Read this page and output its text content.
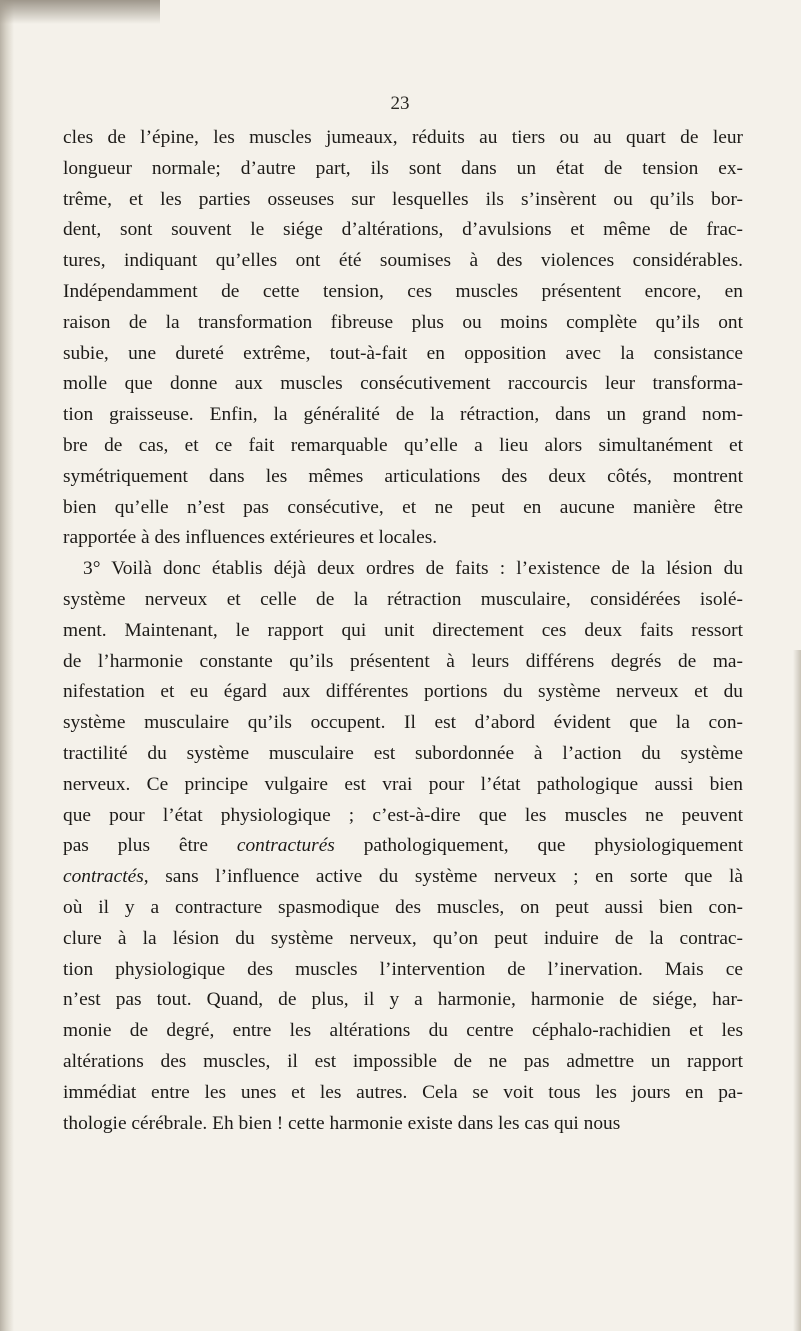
23
cles de l’épine, les muscles jumeaux, réduits au tiers ou au quart de leur
longueur normale; d’autre part, ils sont dans un état de tension ex-
trême, et les parties osseuses sur lesquelles ils s’insèrent ou qu’ils bor-
dent, sont souvent le siége d’altérations, d’avulsions et même de frac-
tures, indiquant qu’elles ont été soumises à des violences considérables.
Indépendamment de cette tension, ces muscles présentent encore, en
raison de la transformation fibreuse plus ou moins complète qu’ils ont
subie, une dureté extrême, tout-à-fait en opposition avec la consistance
molle que donne aux muscles consécutivement raccourcis leur transforma-
tion graisseuse. Enfin, la généralité de la rétraction, dans un grand nom-
bre de cas, et ce fait remarquable qu’elle a lieu alors simultanément et
symétriquement dans les mêmes articulations des deux côtés, montrent
bien qu’elle n’est pas consécutive, et ne peut en aucune manière être
rapportée à des influences extérieures et locales.
3° Voilà donc établis déjà deux ordres de faits : l’existence de la lésion du
système nerveux et celle de la rétraction musculaire, considérées isolé-
ment. Maintenant, le rapport qui unit directement ces deux faits ressort
de l’harmonie constante qu’ils présentent à leurs différens degrés de ma-
nifestation et eu égard aux différentes portions du système nerveux et du
système musculaire qu’ils occupent. Il est d’abord évident que la con-
tractilité du système musculaire est subordonnée à l’action du système
nerveux. Ce principe vulgaire est vrai pour l’état pathologique aussi bien
que pour l’état physiologique ; c’est-à-dire que les muscles ne peuvent
pas plus être contracturés pathologiquement, que physiologiquement
contractés, sans l’influence active du système nerveux ; en sorte que là
où il y a contracture spasmodique des muscles, on peut aussi bien con-
clure à la lésion du système nerveux, qu’on peut induire de la contrac-
tion physiologique des muscles l’intervention de l’inervation. Mais ce
n’est pas tout. Quand, de plus, il y a harmonie, harmonie de siége, har-
monie de degré, entre les altérations du centre céphalo-rachidien et les
altérations des muscles, il est impossible de ne pas admettre un rapport
immédiat entre les unes et les autres. Cela se voit tous les jours en pa-
thologie cérébrale. Eh bien ! cette harmonie existe dans les cas qui nous
